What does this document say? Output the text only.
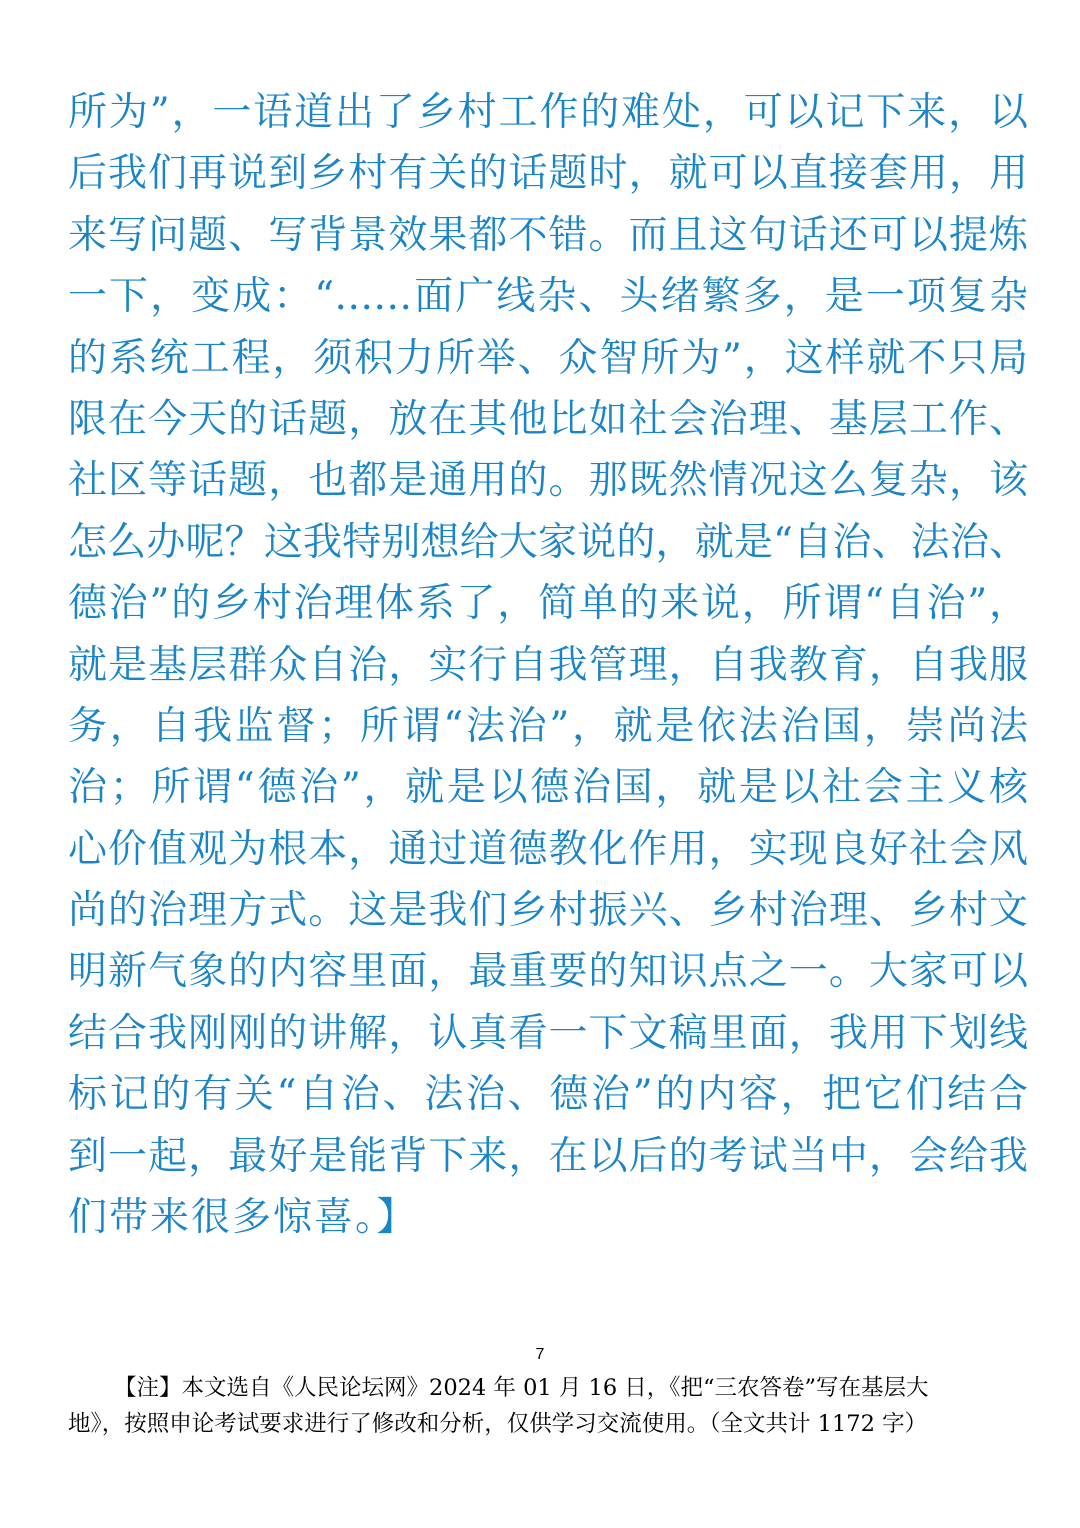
所为”，一语道出了乡村工作的难处，可以记下来，以
后我们再说到乡村有关的话题时，就可以直接套用，用
来写问题、写背景效果都不错。而且这句话还可以提炼
一下，变成：“……面广线杂、头绪繁多，是一项复杂
的系统工程，须积力所举、众智所为”，这样就不只局
限在今天的话题，放在其他比如社会治理、基层工作、
社区等话题，也都是通用的。那既然情况这么复杂，该
怎么办呢？这我特别想给大家说的，就是“自治、法治、
德治”的乡村治理体系了，简单的来说，所谓“自治”，
就是基层群众自治，实行自我管理，自我教育，自我服
务，自我监督；所谓“法治”，就是依法治国，崇尚法
治；所谓“德治”，就是以德治国，就是以社会主义核
心价值观为根本，通过道德教化作用，实现良好社会风
尚的治理方式。这是我们乡村振兴、乡村治理、乡村文
明新气象的内容里面，最重要的知识点之一。大家可以
结合我刚刚的讲解，认真看一下文稿里面，我用下划线
标记的有关“自治、法治、德治”的内容，把它们结合
到一起，最好是能背下来，在以后的考试当中，会给我
们带来很多惊喜。】
7
【注】本文选自《人民论坛网》2024 年 01 月 16 日，《把“三农答卷”写在基层大
地》，按照申论考试要求进行了修改和分析，仅供学习交流使用。（全文共计 1172 字）
